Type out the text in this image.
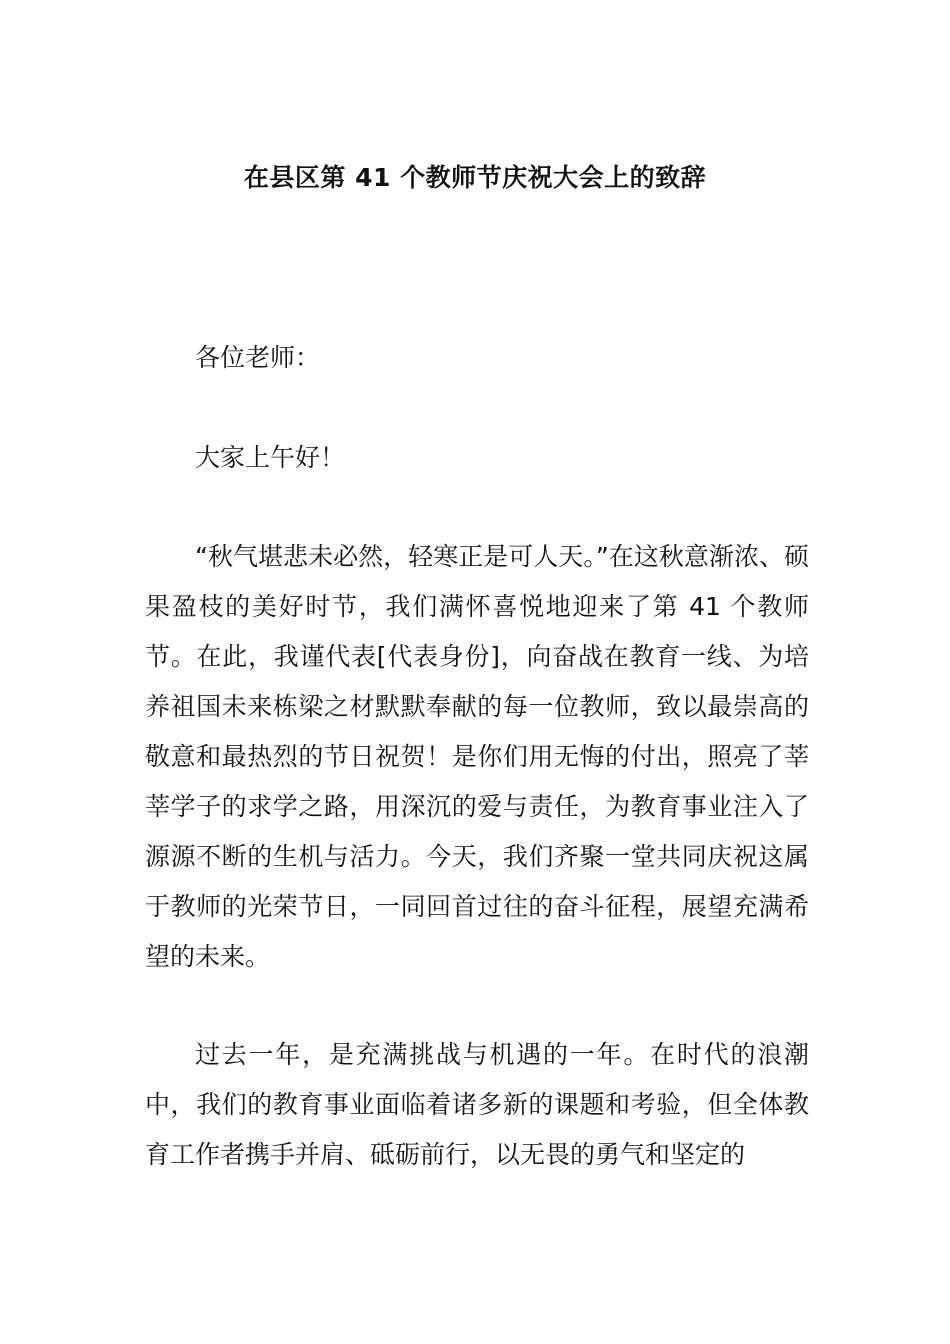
在县区第 41 个教师节庆祝大会上的致辞

各位老师：

大家上午好！

“秋气堪悲未必然，轻寒正是可人天。”在这秋意渐浓、硕果盈枝的美好时节，我们满怀喜悦地迎来了第 41 个教师节。在此，我谨代表[代表身份]，向奋战在教育一线、为培养祖国未来栋梁之材默默奉献的每一位教师，致以最崇高的敬意和最热烈的节日祝贺！是你们用无悔的付出，照亮了莘莘学子的求学之路，用深沉的爱与责任，为教育事业注入了源源不断的生机与活力。今天，我们齐聚一堂共同庆祝这属于教师的光荣节日，一同回首过往的奋斗征程，展望充满希望的未来。

过去一年，是充满挑战与机遇的一年。在时代的浪潮中，我们的教育事业面临着诸多新的课题和考验，但全体教育工作者携手并肩、砥砺前行，以无畏的勇气和坚定的
